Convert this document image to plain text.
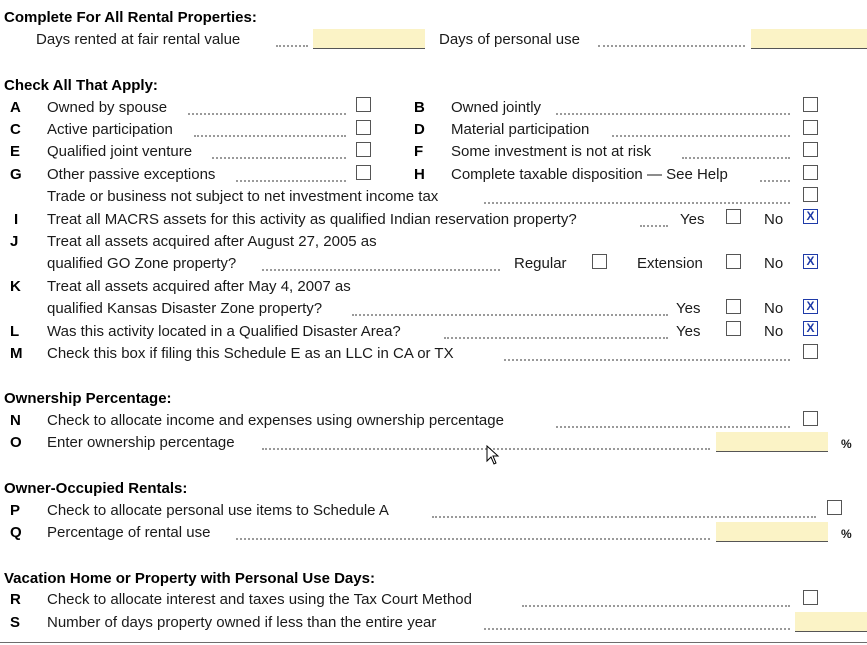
Complete For All Rental Properties:
Days rented at fair rental value	Days of personal use
Check All That Apply:
A Owned by spouse	B Owned jointly
C Active participation	D Material participation
E Qualified joint venture	F Some investment is not at risk
G Other passive exceptions	H Complete taxable disposition — See Help
Trade or business not subject to net investment income tax
I Treat all MACRS assets for this activity as qualified Indian reservation property?	Yes	No X
J Treat all assets acquired after August 27, 2005 as
qualified GO Zone property?	Regular	Extension	No X
K Treat all assets acquired after May 4, 2007 as
qualified Kansas Disaster Zone property?	Yes	No X
L Was this activity located in a Qualified Disaster Area?	Yes	No X
M Check this box if filing this Schedule E as an LLC in CA or TX
Ownership Percentage:
N Check to allocate income and expenses using ownership percentage
O Enter ownership percentage	%
Owner-Occupied Rentals:
P Check to allocate personal use items to Schedule A
Q Percentage of rental use	%
Vacation Home or Property with Personal Use Days:
R Check to allocate interest and taxes using the Tax Court Method
S Number of days property owned if less than the entire year
